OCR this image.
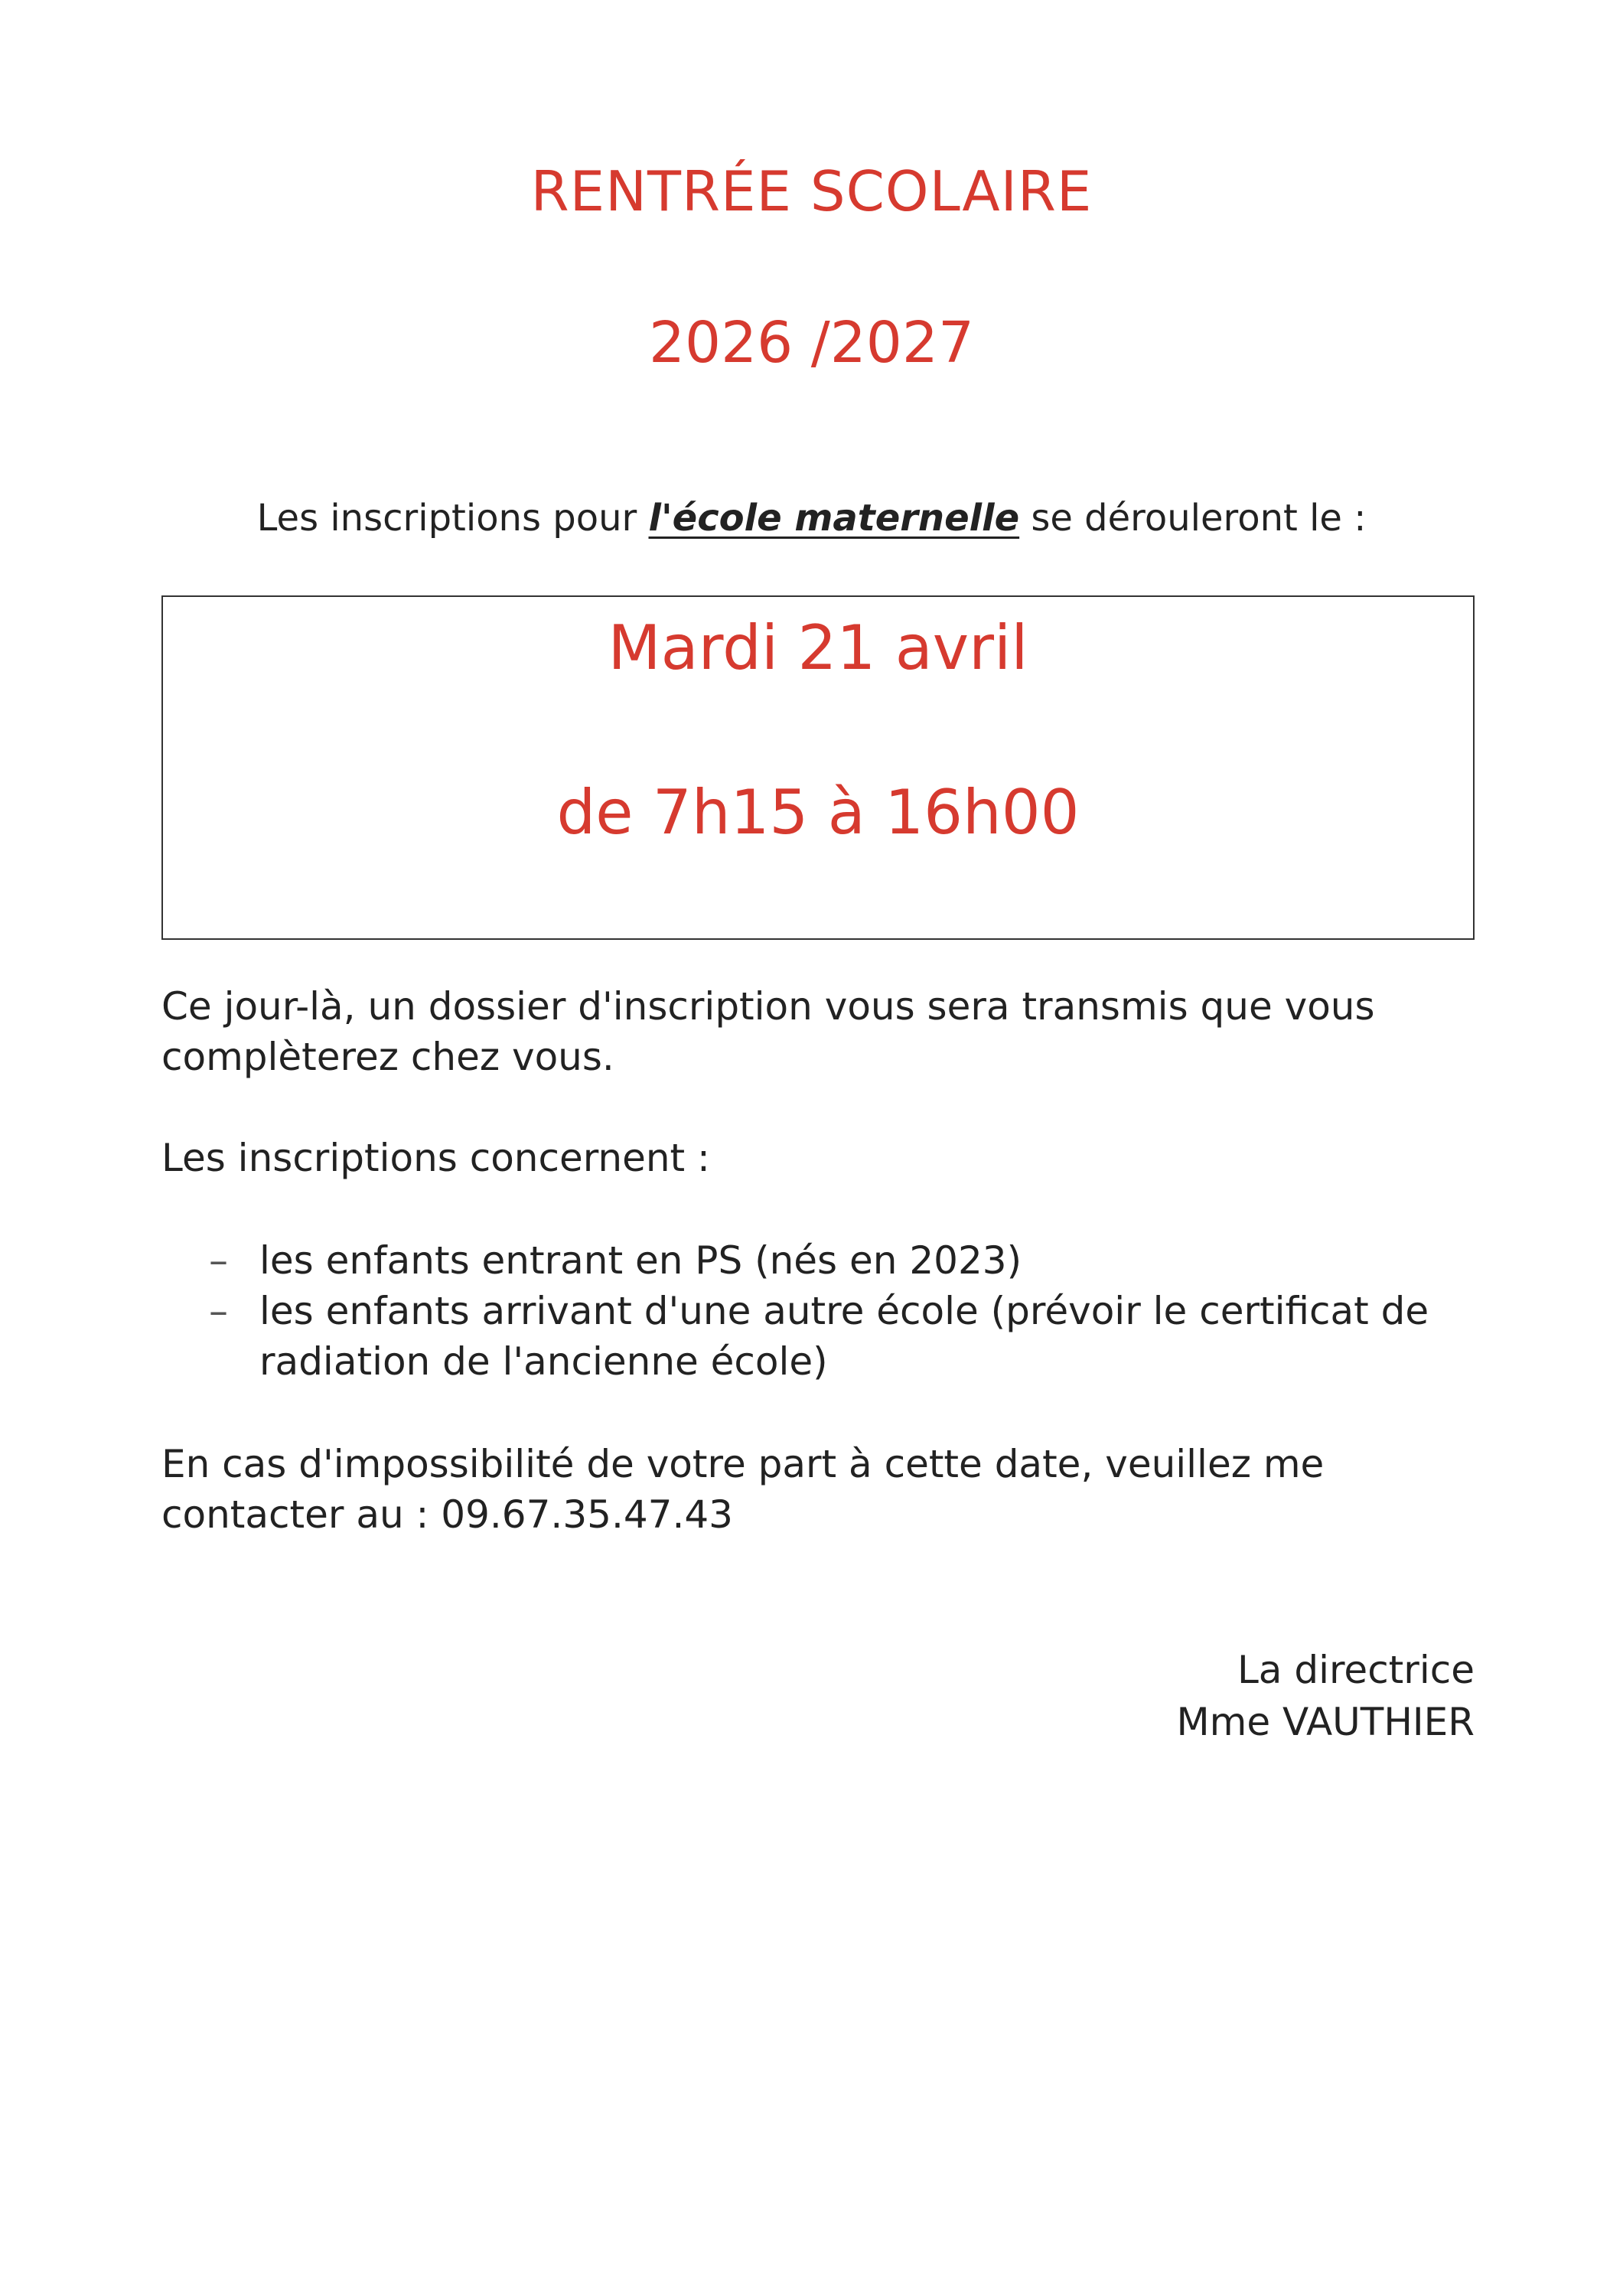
RENTRÉE SCOLAIRE
2026 /2027
Les inscriptions pour l'école maternelle se dérouleront le :
Mardi 21 avril
de 7h15 à 16h00
Ce jour-là, un dossier d'inscription vous sera transmis que vous complèterez chez vous.
Les inscriptions concernent :
– les enfants entrant en PS (nés en 2023)
– les enfants arrivant d'une autre école (prévoir le certificat de radiation de l'ancienne école)
En cas d'impossibilité de votre part à cette date, veuillez me contacter au : 09.67.35.47.43
La directrice
Mme VAUTHIER
